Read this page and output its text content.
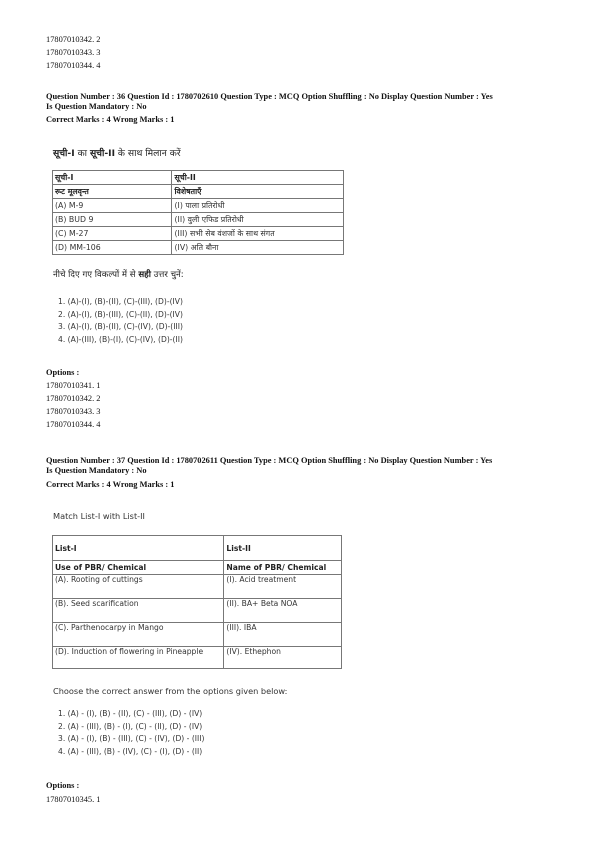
17807010342. 2
17807010343. 3
17807010344. 4
Question Number : 36 Question Id : 1780702610 Question Type : MCQ Option Shuffling : No Display Question Number : Yes
Is Question Mandatory : No
Correct Marks : 4 Wrong Marks : 1
सूची-I का सूची-II के साथ मिलान करें
सूची-I	सूची-II
रूट मूलवृन्त	विशेषताएँ
(A) M-9	(I) पाला प्रतिरोधी
(B) BUD 9	(II) वुली एफिड प्रतिरोधी
(C) M-27	(III) सभी सेब वंशजों के साथ संगत
(D) MM-106	(IV) अति बौना
नीचे दिए गए विकल्पों में से सही उत्तर चुनें:
1. (A)-(I), (B)-(II), (C)-(III), (D)-(IV)
2. (A)-(I), (B)-(III), (C)-(II), (D)-(IV)
3. (A)-(I), (B)-(II), (C)-(IV), (D)-(III)
4. (A)-(III), (B)-(I), (C)-(IV), (D)-(II)
Options :
17807010341. 1
17807010342. 2
17807010343. 3
17807010344. 4
Question Number : 37 Question Id : 1780702611 Question Type : MCQ Option Shuffling : No Display Question Number : Yes
Is Question Mandatory : No
Correct Marks : 4 Wrong Marks : 1
Match List-I with List-II
List-I	List-II
Use of PBR/ Chemical	Name of PBR/ Chemical
(A). Rooting of cuttings	(I). Acid treatment
(B). Seed scarification	(II). BA+ Beta NOA
(C). Parthenocarpy in Mango	(III). IBA
(D). Induction of flowering in Pineapple	(IV). Ethephon
Choose the correct answer from the options given below:
1. (A) - (I), (B) - (II), (C) - (III), (D) - (IV)
2. (A) - (III), (B) - (I), (C) - (II), (D) - (IV)
3. (A) - (I), (B) - (III), (C) - (IV), (D) - (III)
4. (A) - (III), (B) - (IV), (C) - (I), (D) - (II)
Options :
17807010345. 1
